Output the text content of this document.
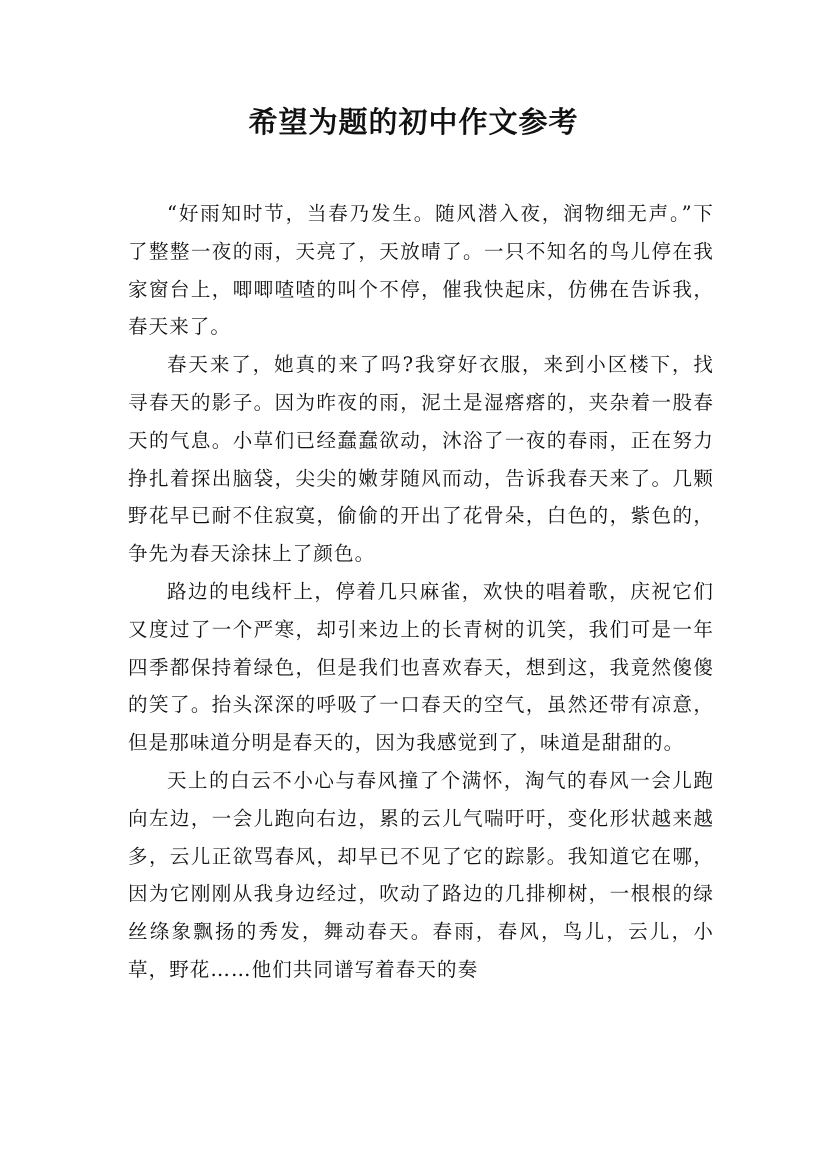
希望为题的初中作文参考

“好雨知时节，当春乃发生。随风潜入夜，润物细无声。”下了整整一夜的雨，天亮了，天放晴了。一只不知名的鸟儿停在我家窗台上，唧唧喳喳的叫个不停，催我快起床，仿佛在告诉我，春天来了。

春天来了，她真的来了吗?我穿好衣服，来到小区楼下，找寻春天的影子。因为昨夜的雨，泥土是湿瘩瘩的，夹杂着一股春天的气息。小草们已经蠢蠢欲动，沐浴了一夜的春雨，正在努力挣扎着探出脑袋，尖尖的嫩芽随风而动，告诉我春天来了。几颗野花早已耐不住寂寞，偷偷的开出了花骨朵，白色的，紫色的，争先为春天涂抹上了颜色。

路边的电线杆上，停着几只麻雀，欢快的唱着歌，庆祝它们又度过了一个严寒，却引来边上的长青树的讥笑，我们可是一年四季都保持着绿色，但是我们也喜欢春天，想到这，我竟然傻傻的笑了。抬头深深的呼吸了一口春天的空气，虽然还带有凉意，但是那味道分明是春天的，因为我感觉到了，味道是甜甜的。

天上的白云不小心与春风撞了个满怀，淘气的春风一会儿跑向左边，一会儿跑向右边，累的云儿气喘吁吁，变化形状越来越多，云儿正欲骂春风，却早已不见了它的踪影。我知道它在哪，因为它刚刚从我身边经过，吹动了路边的几排柳树，一根根的绿丝绦象飘扬的秀发，舞动春天。春雨，春风，鸟儿，云儿，小草，野花……他们共同谱写着春天的奏
